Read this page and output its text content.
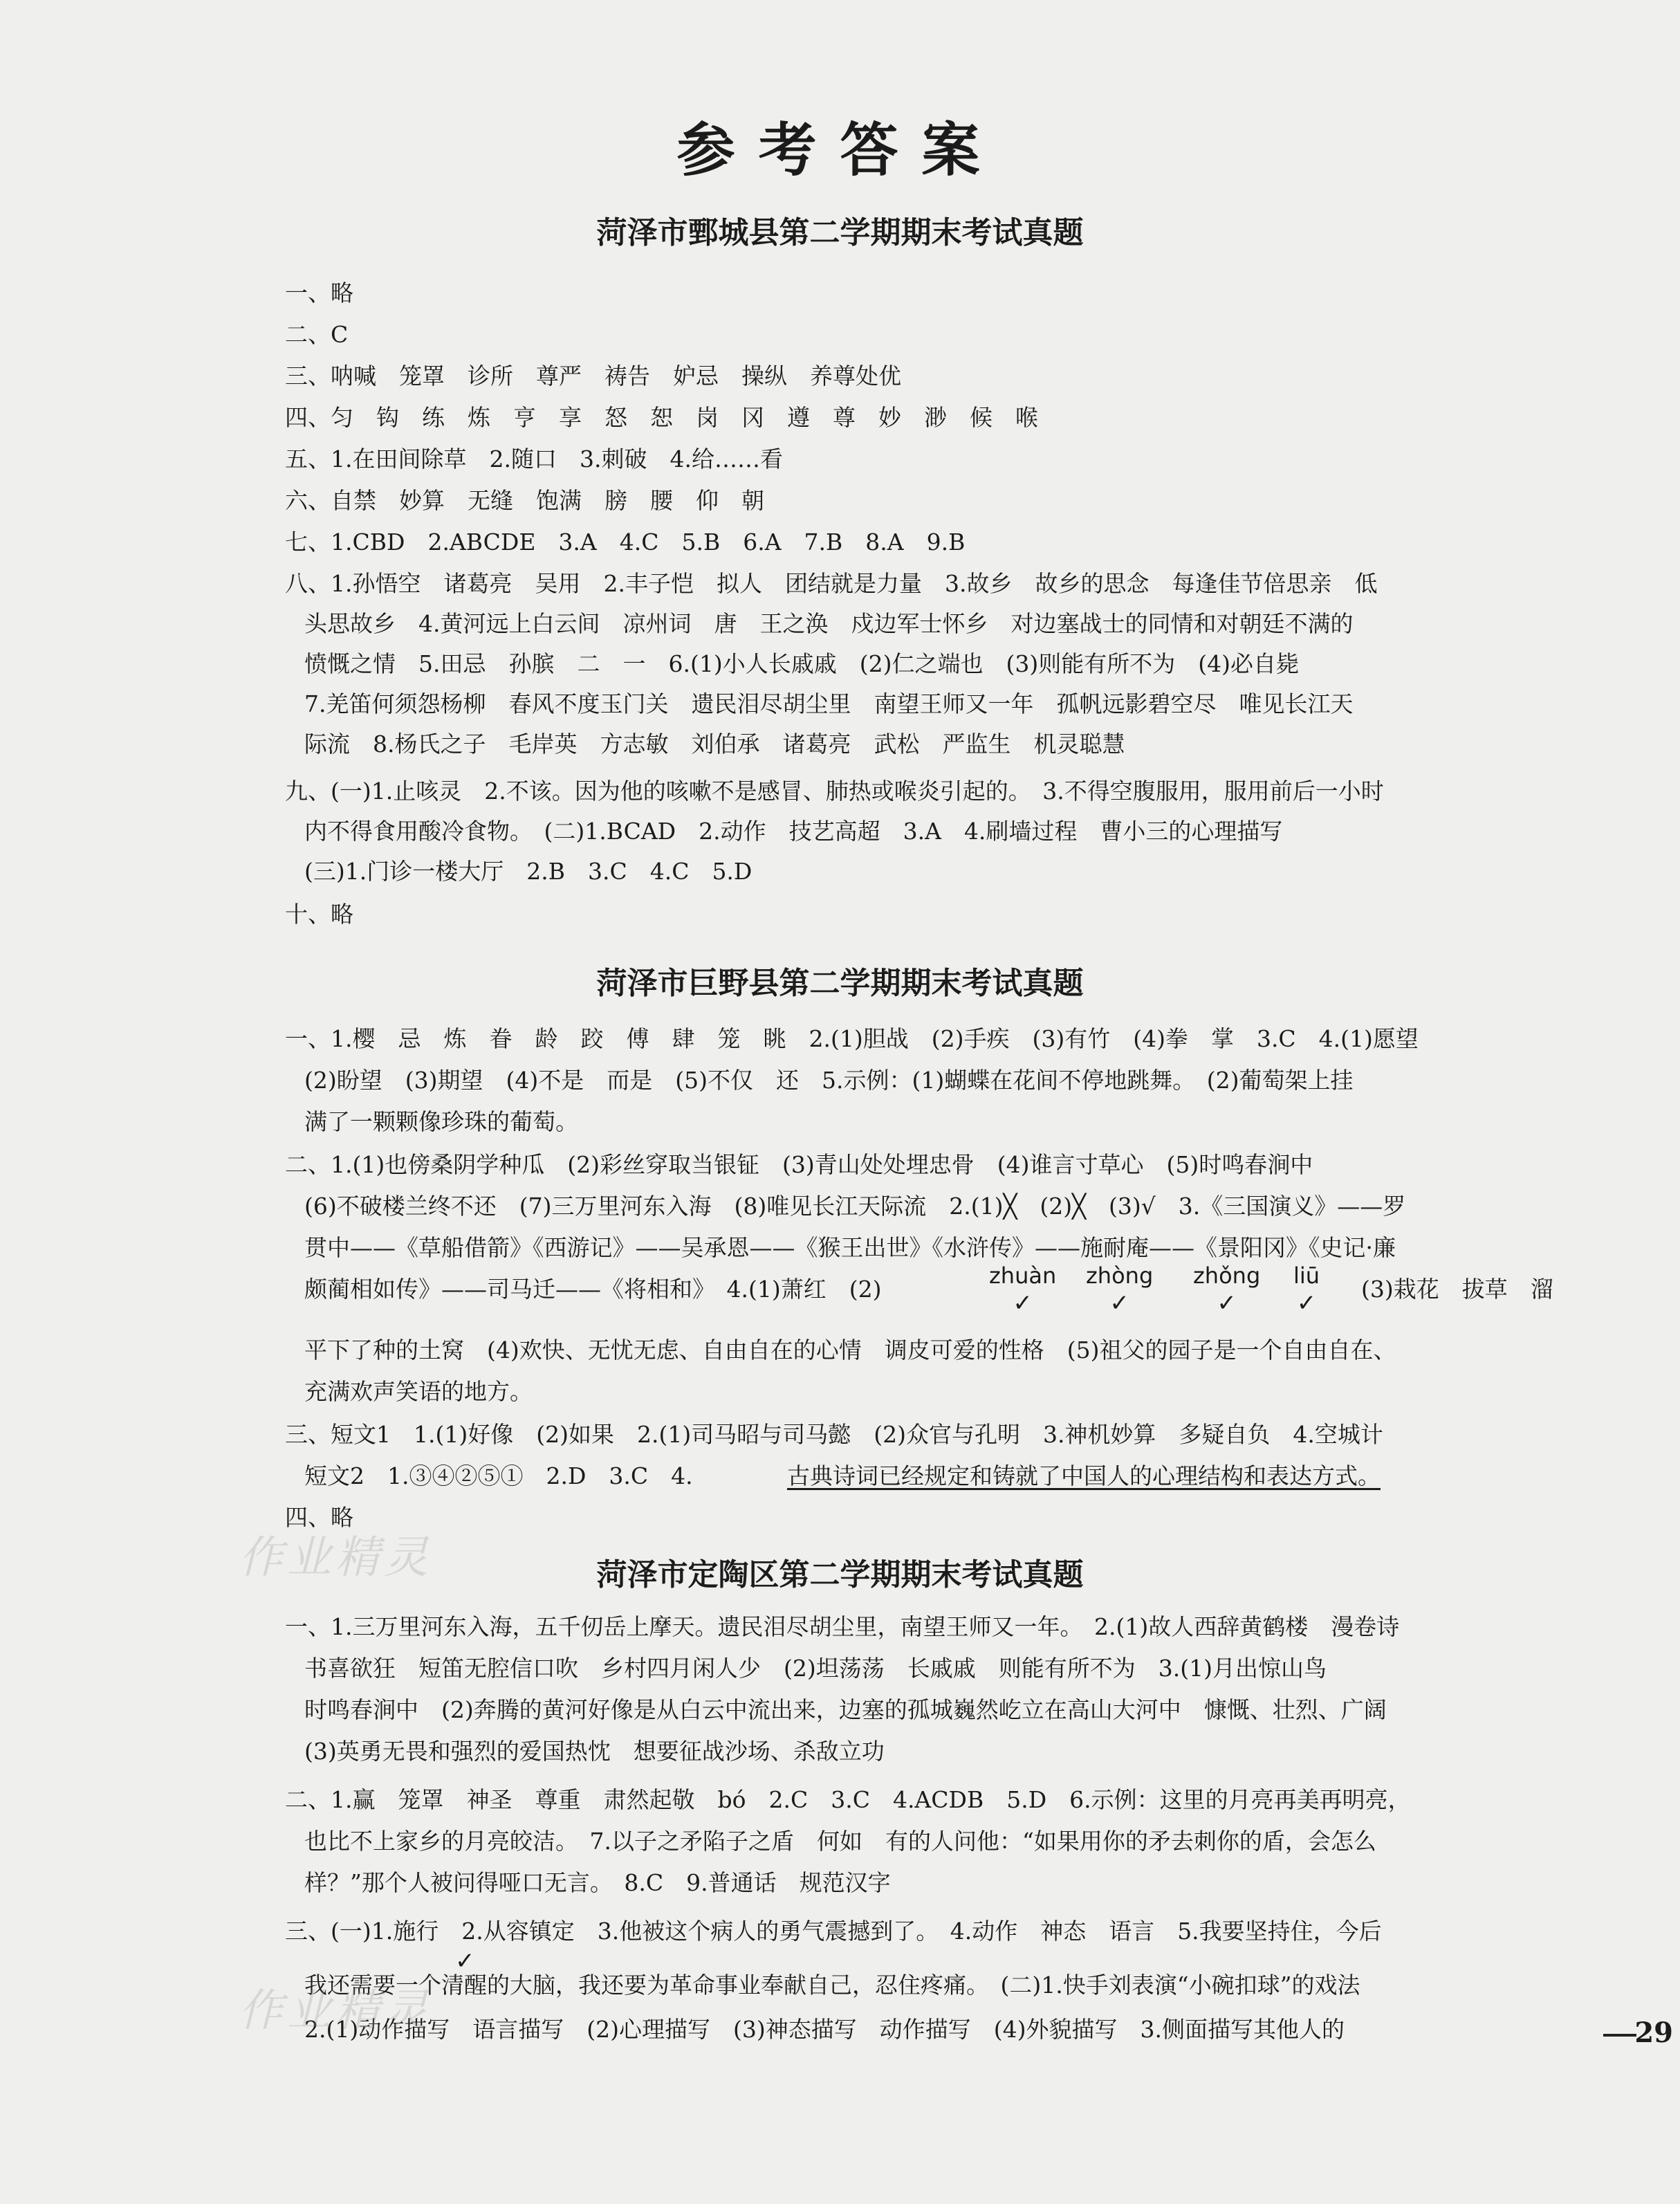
参考答案
菏泽市鄄城县第二学期期末考试真题
一、略
二、C
三、呐喊　笼罩　诊所　尊严　祷告　妒忌　操纵　养尊处优
四、匀　钩　练　炼　亨　享　怒　恕　岗　冈　遵　尊　妙　渺　候　喉
五、1.在田间除草　2.随口　3.刺破　4.给……看
六、自禁　妙算　无缝　饱满　膀　腰　仰　朝
七、1.CBD　2.ABCDE　3.A　4.C　5.B　6.A　7.B　8.A　9.B
八、1.孙悟空　诸葛亮　吴用　2.丰子恺　拟人　团结就是力量　3.故乡　故乡的思念　每逢佳节倍思亲　低
头思故乡　4.黄河远上白云间　凉州词　唐　王之涣　戍边军士怀乡　对边塞战士的同情和对朝廷不满的
愤慨之情　5.田忌　孙膑　二　一　6.(1)小人长戚戚　(2)仁之端也　(3)则能有所不为　(4)必自毙
7.羌笛何须怨杨柳　春风不度玉门关　遗民泪尽胡尘里　南望王师又一年　孤帆远影碧空尽　唯见长江天
际流　8.杨氏之子　毛岸英　方志敏　刘伯承　诸葛亮　武松　严监生　机灵聪慧
九、(一)1.止咳灵　2.不该。因为他的咳嗽不是感冒、肺热或喉炎引起的。　3.不得空腹服用，服用前后一小时
内不得食用酸冷食物。　(二)1.BCAD　2.动作　技艺高超　3.A　4.刷墙过程　曹小三的心理描写
(三)1.门诊一楼大厅　2.B　3.C　4.C　5.D
十、略
菏泽市巨野县第二学期期末考试真题
一、1.樱　忌　炼　眷　龄　跤　傅　肆　笼　眺　2.(1)胆战　(2)手疾　(3)有竹　(4)拳　掌　3.C　4.(1)愿望
(2)盼望　(3)期望　(4)不是　而是　(5)不仅　还　5.示例：(1)蝴蝶在花间不停地跳舞。　(2)葡萄架上挂
满了一颗颗像珍珠的葡萄。
二、1.(1)也傍桑阴学种瓜　(2)彩丝穿取当银钲　(3)青山处处埋忠骨　(4)谁言寸草心　(5)时鸣春涧中
(6)不破楼兰终不还　(7)三万里河东入海　(8)唯见长江天际流　2.(1)╳　(2)╳　(3)√　3.《三国演义》——罗
贯中——《草船借箭》《西游记》——吴承恩——《猴王出世》《水浒传》——施耐庵——《景阳冈》《史记·廉
颇蔺相如传》——司马迁——《将相和》　4.(1)萧红　(2)	zhuàn
✓
zhòng
✓
zhǒng
✓
liū
✓
(3)栽花　拔草　溜
平下了种的土窝　(4)欢快、无忧无虑、自由自在的心情　调皮可爱的性格　(5)祖父的园子是一个自由自在、
充满欢声笑语的地方。
三、短文1　1.(1)好像　(2)如果　2.(1)司马昭与司马懿　(2)众官与孔明　3.神机妙算　多疑自负　4.空城计
短文2　1.③④②⑤①　2.D　3.C　4.	古典诗词已经规定和铸就了中国人的心理结构和表达方式。
四、略
菏泽市定陶区第二学期期末考试真题
一、1.三万里河东入海，五千仞岳上摩天。遗民泪尽胡尘里，南望王师又一年。　2.(1)故人西辞黄鹤楼　漫卷诗
书喜欲狂　短笛无腔信口吹　乡村四月闲人少　(2)坦荡荡　长戚戚　则能有所不为　3.(1)月出惊山鸟
时鸣春涧中　(2)奔腾的黄河好像是从白云中流出来，边塞的孤城巍然屹立在高山大河中　慷慨、壮烈、广阔
(3)英勇无畏和强烈的爱国热忱　想要征战沙场、杀敌立功
二、1.赢　笼罩　神圣　尊重　肃然起敬　bó　2.C　3.C　4.ACDB　5.D　6.示例：这里的月亮再美再明亮，
也比不上家乡的月亮皎洁。　7.以子之矛陷子之盾　何如　有的人问他：“如果用你的矛去刺你的盾，会怎么
样？”那个人被问得哑口无言。　8.C　9.普通话　规范汉字
三、(一)1.施行　2.从容镇定　3.他被这个病人的勇气震撼到了。　4.动作　神态　语言　5.我要坚持住，今后
✓
我还需要一个清醒的大脑，我还要为革命事业奉献自己，忍住疼痛。　(二)1.快手刘表演“小碗扣球”的戏法
2.(1)动作描写　语言描写　(2)心理描写　(3)神态描写　动作描写　(4)外貌描写　3.侧面描写其他人的
作业精灵
作业精灵	29
